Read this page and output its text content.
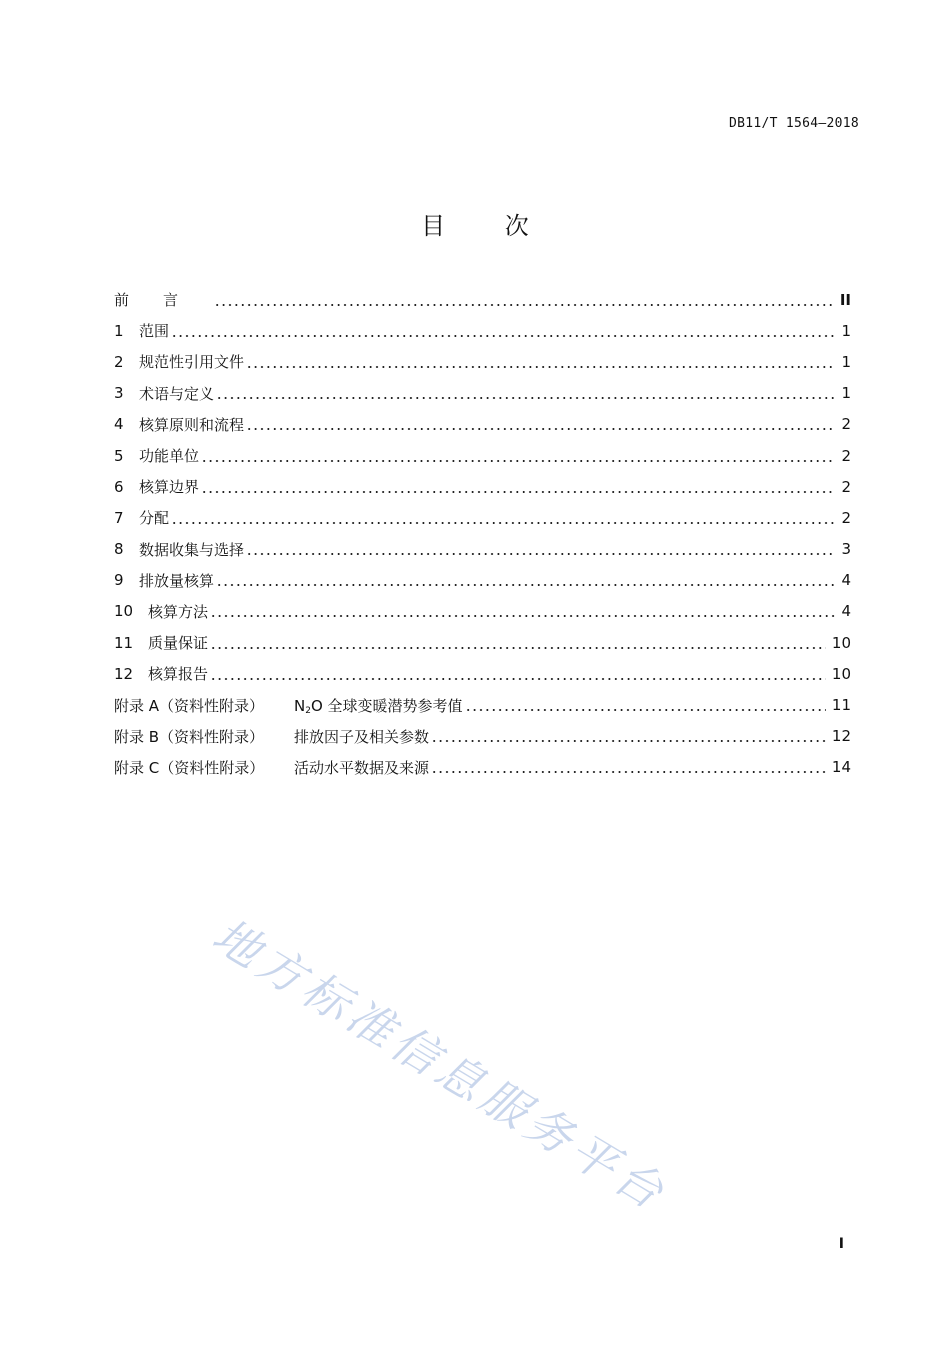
DB11/T 1564—2018
目 次
前言	II
1	范围	1
2	规范性引用文件	1
3	术语与定义	1
4	核算原则和流程	2
5	功能单位	2
6	核算边界	2
7	分配	2
8	数据收集与选择	3
9	排放量核算	4
10 核算方法	4
11 质量保证	10
12 核算报告	10
附录 A（资料性附录）	$N_2O$ 全球变暖潜势参考值	11
附录 B（资料性附录）	排放因子及相关参数	12
附录 C（资料性附录）	活动水平数据及来源	14
地方标准信息服务平台
I
